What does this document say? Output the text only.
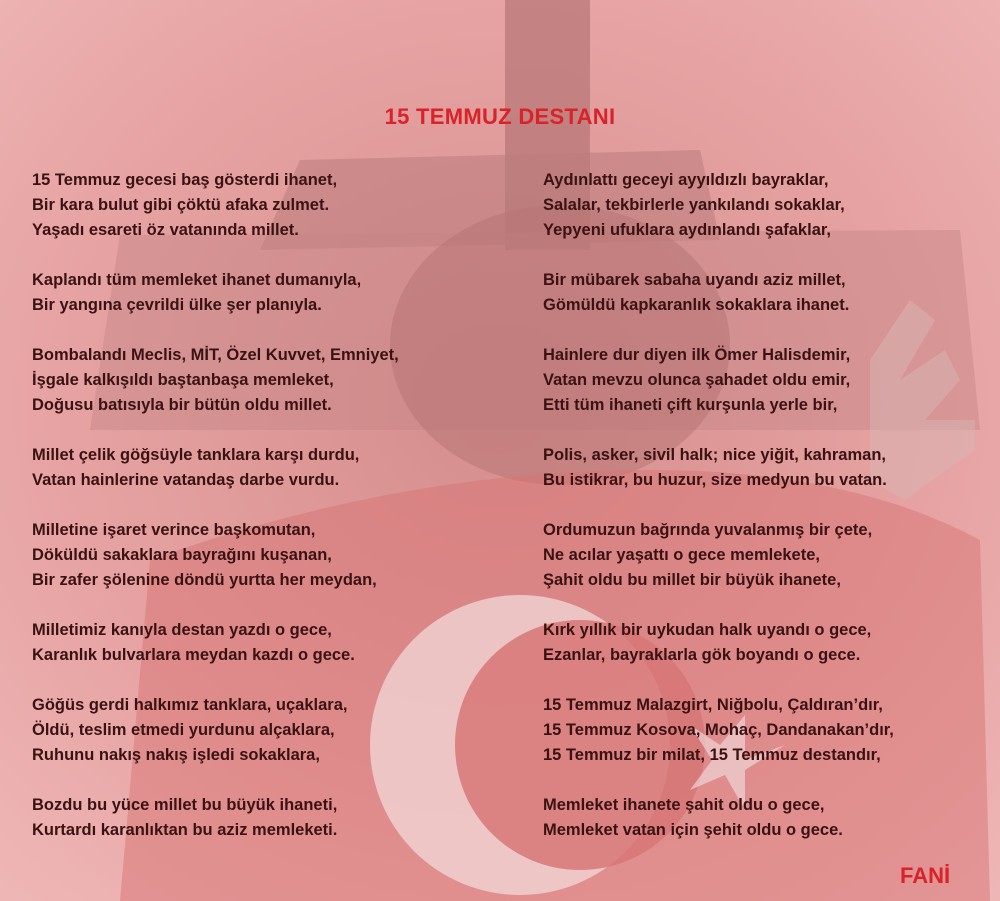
15 TEMMUZ DESTANI
15 Temmuz gecesi baş gösterdi ihanet,
Bir kara bulut gibi çöktü afaka zulmet.
Yaşadı esareti öz vatanında millet.
Kaplandı tüm memleket ihanet dumanıyla,
Bir yangına çevrildi ülke şer planıyla.
Bombalandı Meclis, MİT, Özel Kuvvet, Emniyet,
İşgale kalkışıldı baştanbaşa memleket,
Doğusu batısıyla bir bütün oldu millet.
Millet çelik göğsüyle tanklara karşı durdu,
Vatan hainlerine vatandaş darbe vurdu.
Milletine işaret verince başkomutan,
Döküldü sakaklara bayrağını kuşanan,
Bir zafer şölenine döndü yurtta her meydan,
Milletimiz kanıyla destan yazdı o gece,
Karanlık bulvarlara meydan kazdı o gece.
Göğüs gerdi halkımız tanklara, uçaklara,
Öldü, teslim etmedi yurdunu alçaklara,
Ruhunu nakış nakış işledi sokaklara,
Bozdu bu yüce millet bu büyük ihaneti,
Kurtardı karanlıktan bu aziz memleketi.
Aydınlattı geceyi ayyıldızlı bayraklar,
Salalar, tekbirlerle yankılandı sokaklar,
Yepyeni ufuklara aydınlandı şafaklar,
Bir mübarek sabaha uyandı aziz millet,
Gömüldü kapkaranlık sokaklara ihanet.
Hainlere dur diyen ilk Ömer Halisdemir,
Vatan mevzu olunca şahadet oldu emir,
Etti tüm ihaneti çift kurşunla yerle bir,
Polis, asker, sivil halk; nice yiğit, kahraman,
Bu istikrar, bu huzur, size medyun bu vatan.
Ordumuzun bağrında yuvalanmış bir çete,
Ne acılar yaşattı o gece memlekete,
Şahit oldu bu millet bir büyük ihanete,
Kırk yıllık bir uykudan halk uyandı o gece,
Ezanlar, bayraklarla gök boyandı o gece.
15 Temmuz Malazgirt, Niğbolu, Çaldıran’dır,
15 Temmuz Kosova, Mohaç, Dandanakan’dır,
15 Temmuz bir milat, 15 Temmuz destandır,
Memleket ihanete şahit oldu o gece,
Memleket vatan için şehit oldu o gece.
FANİ
